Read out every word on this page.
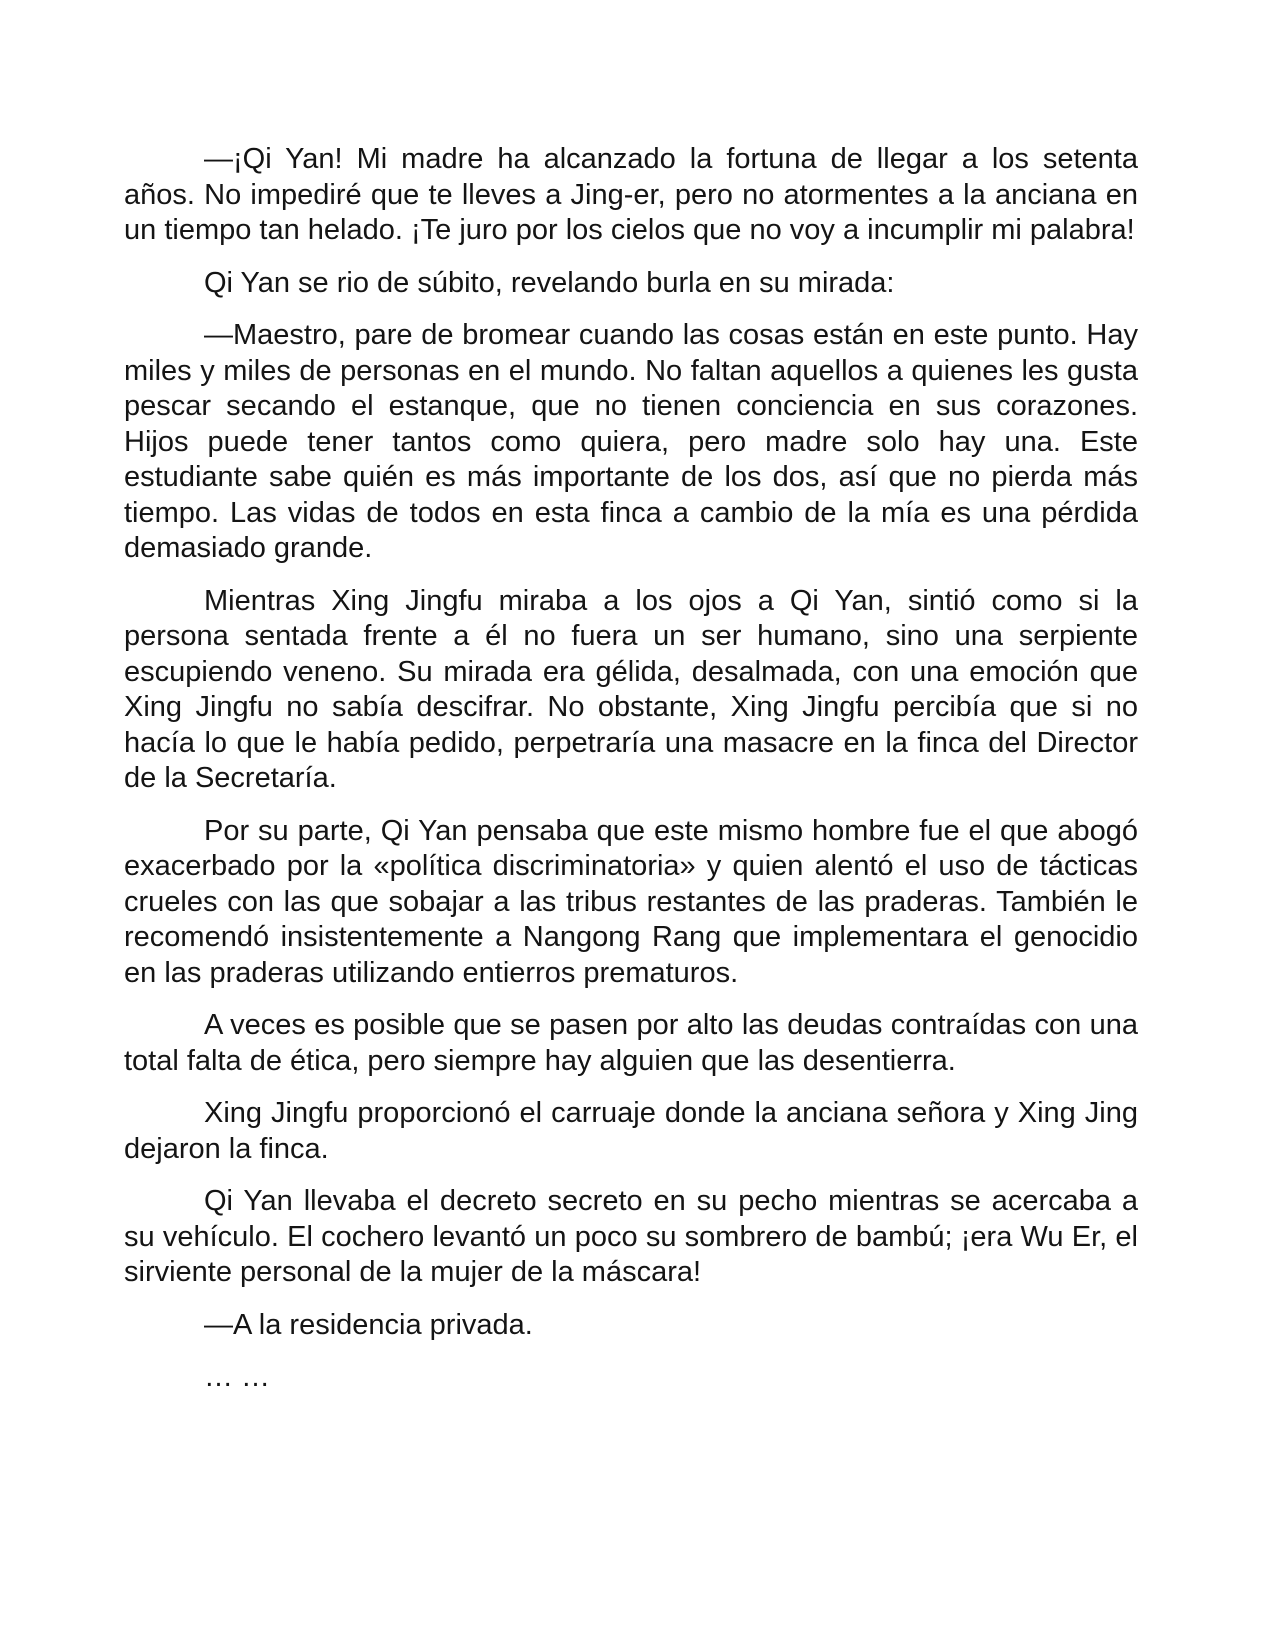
—¡Qi Yan! Mi madre ha alcanzado la fortuna de llegar a los setenta años. No impediré que te lleves a Jing-er, pero no atormentes a la anciana en un tiempo tan helado. ¡Te juro por los cielos que no voy a incumplir mi palabra!

Qi Yan se rio de súbito, revelando burla en su mirada:

—Maestro, pare de bromear cuando las cosas están en este punto. Hay miles y miles de personas en el mundo. No faltan aquellos a quienes les gusta pescar secando el estanque, que no tienen conciencia en sus corazones. Hijos puede tener tantos como quiera, pero madre solo hay una. Este estudiante sabe quién es más importante de los dos, así que no pierda más tiempo. Las vidas de todos en esta finca a cambio de la mía es una pérdida demasiado grande.

Mientras Xing Jingfu miraba a los ojos a Qi Yan, sintió como si la persona sentada frente a él no fuera un ser humano, sino una serpiente escupiendo veneno. Su mirada era gélida, desalmada, con una emoción que Xing Jingfu no sabía descifrar. No obstante, Xing Jingfu percibía que si no hacía lo que le había pedido, perpetraría una masacre en la finca del Director de la Secretaría.

Por su parte, Qi Yan pensaba que este mismo hombre fue el que abogó exacerbado por la «política discriminatoria» y quien alentó el uso de tácticas crueles con las que sobajar a las tribus restantes de las praderas. También le recomendó insistentemente a Nangong Rang que implementara el genocidio en las praderas utilizando entierros prematuros.

A veces es posible que se pasen por alto las deudas contraídas con una total falta de ética, pero siempre hay alguien que las desentierra.

Xing Jingfu proporcionó el carruaje donde la anciana señora y Xing Jing dejaron la finca.

Qi Yan llevaba el decreto secreto en su pecho mientras se acercaba a su vehículo. El cochero levantó un poco su sombrero de bambú; ¡era Wu Er, el sirviente personal de la mujer de la máscara!

—A la residencia privada.

… …
